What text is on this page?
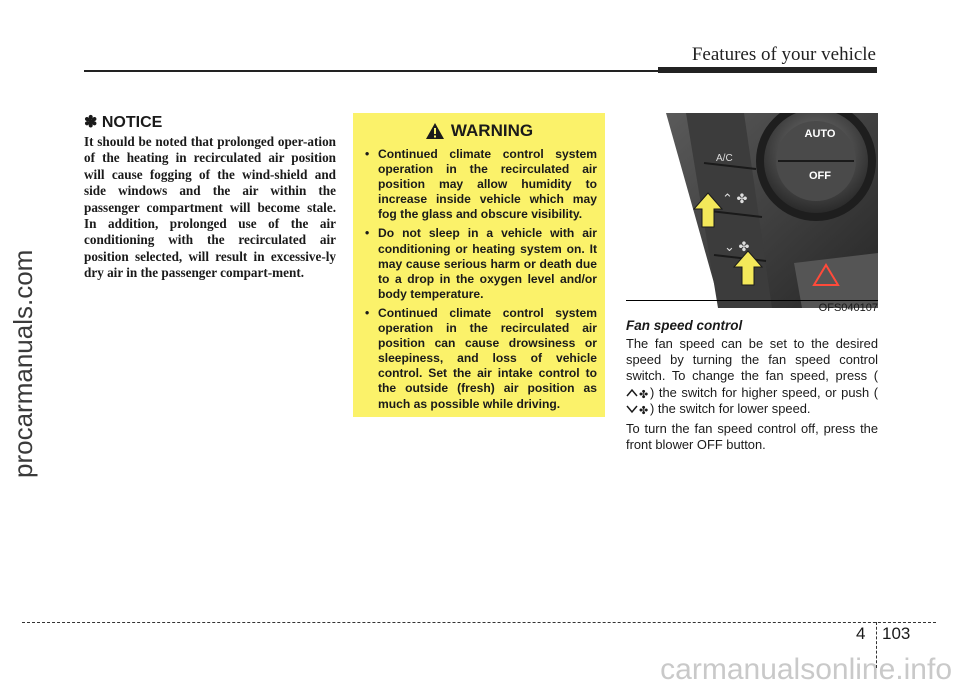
Features of your vehicle
procarmanuals.com
carmanualsonline.info
✽ NOTICE

It should be noted that prolonged oper-ation of the heating in recirculated air position will cause fogging of the wind-shield and side windows and the air within the passenger compartment will become stale. In addition, prolonged use of the air conditioning with the recirculated air position selected, will result in excessive-ly dry air in the passenger compart-ment.

WARNING
• Continued climate control system operation in the recirculated air position may allow humidity to increase inside vehicle which may fog the glass and obscure visibility.
• Do not sleep in a vehicle with air conditioning or heating system on. It may cause serious harm or death due to a drop in the oxygen level and/or body temperature.
• Continued climate control system operation in the recirculated air position can cause drowsiness or sleepiness, and loss of vehicle control. Set the air intake control to the outside (fresh) air position as much as possible while driving.
AUTO
OFF
A/C
⌃ ✤
⌄ ✤
OFS040107

Fan speed control

The fan speed can be set to the desired speed by turning the fan speed control switch. To change the fan speed, press (
✤ ) the switch for higher speed, or push (
✤ ) the switch for lower speed.

To turn the fan speed control off, press the front blower OFF button.

4 103
